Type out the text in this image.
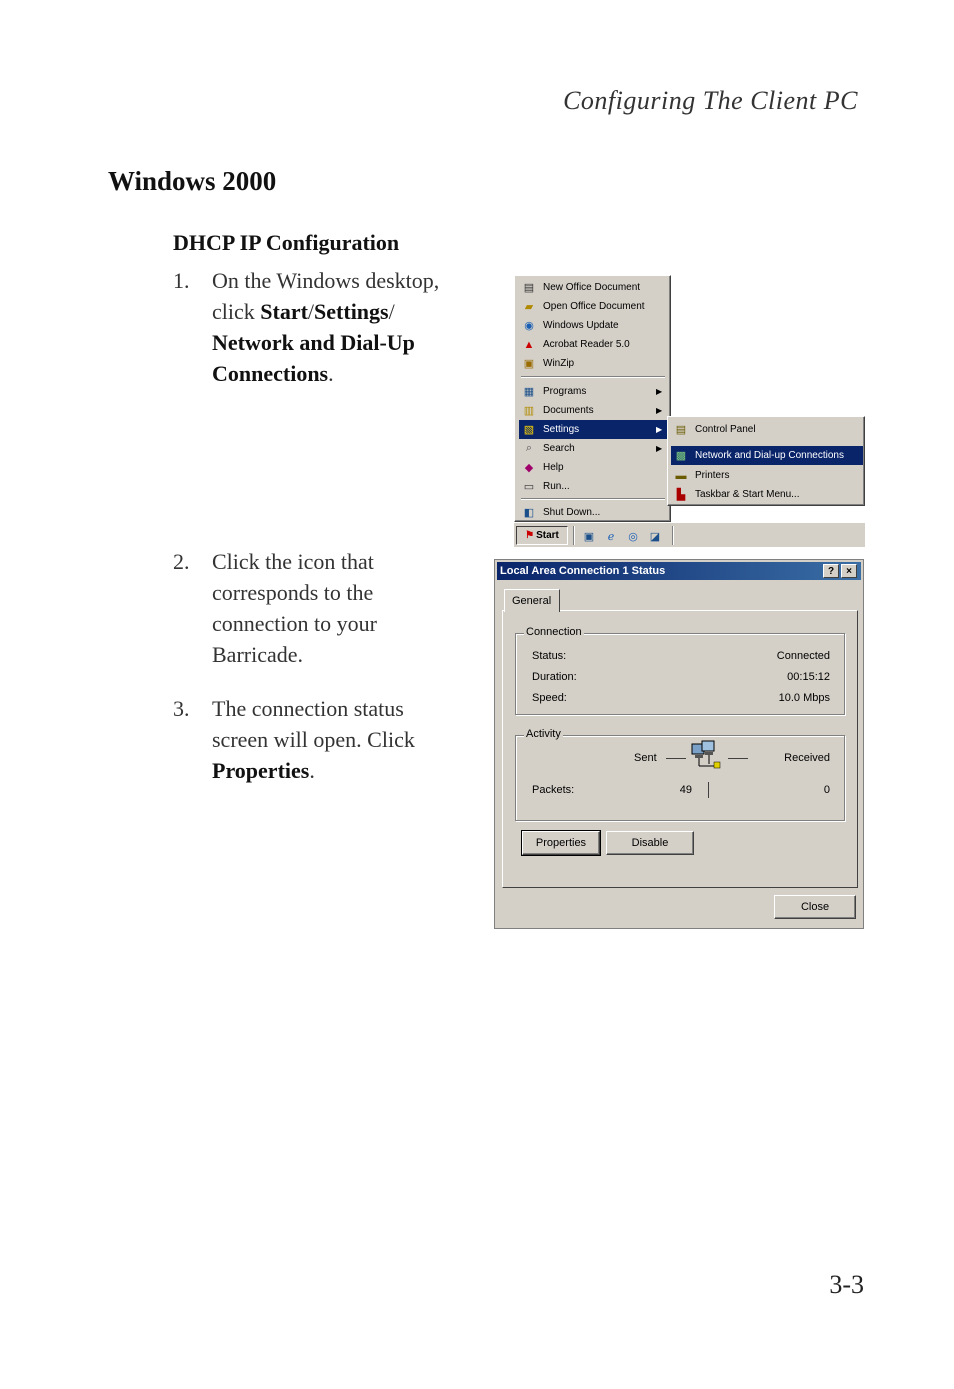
Configuring The Client PC
Windows 2000
DHCP IP Configuration
1.	On the Windows desktop, click Start/Settings/ Network and Dial-Up Connections.
2.	Click the icon that corresponds to the connection to your Barricade.
3.	The connection status screen will open. Click Properties.
▤ New Office Document
▰ Open Office Document
◉ Windows Update
▲ Acrobat Reader 5.0
▣ WinZip
▦ Programs	▶
▥ Documents	▶
▧ Settings	▶
⌕	Search	▶
◆ Help
▭ Run...
◧ Shut Down...
▤ Control Panel
▩ Network and Dial-up Connections
▬ Printers
▙ Taskbar & Start Menu...
⚑ Start ▣	ℯ	◎ ◪
Local Area Connection 1 Status	?	×
General
Connection
Status:	Connected
Duration:	00:15:12
Speed:	10.0 Mbps
Activity
Sent	Received
Packets:	49	0
Properties	Disable
Close
3-3
